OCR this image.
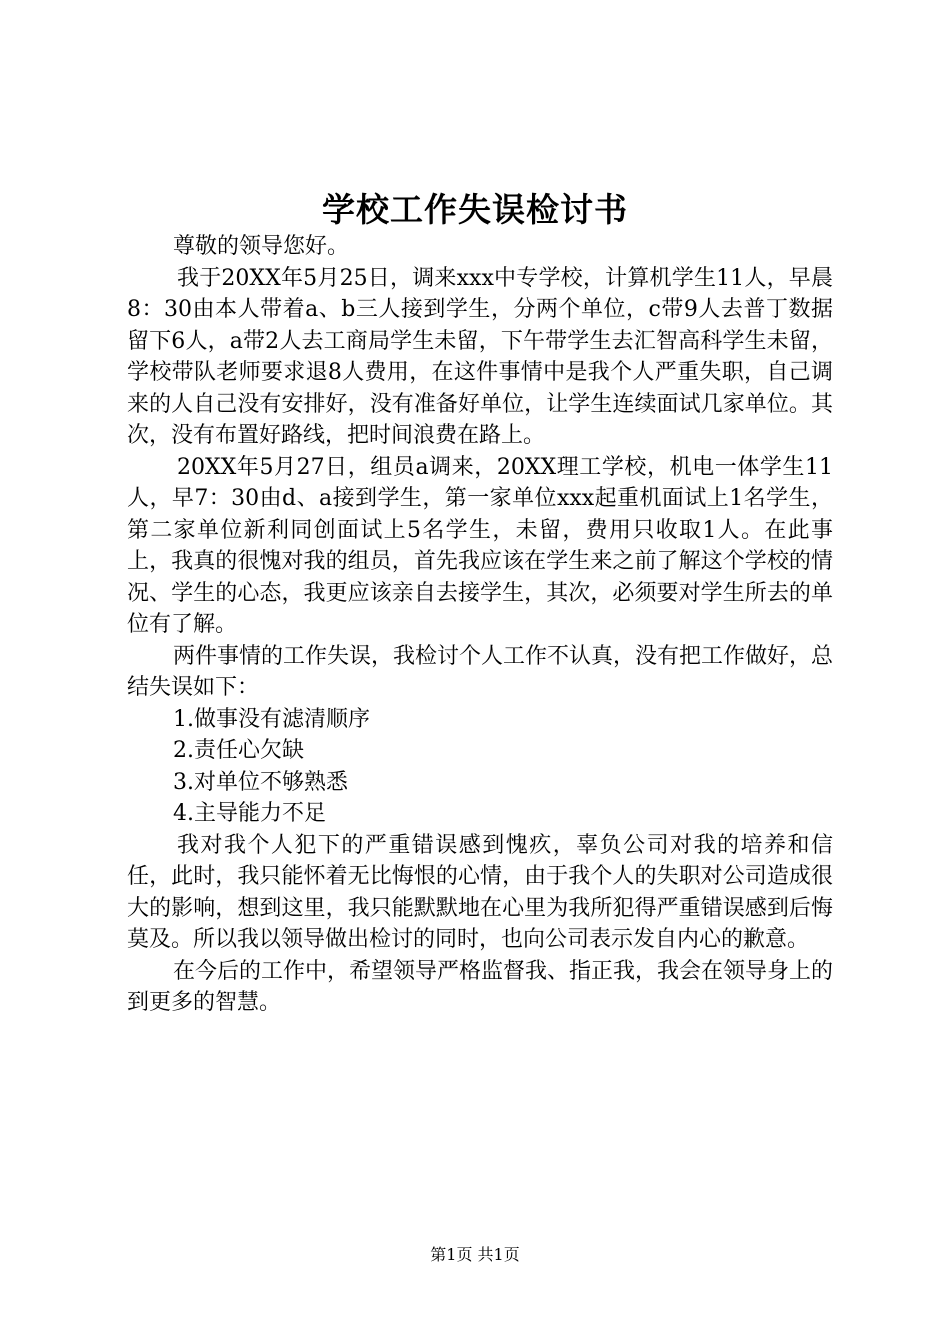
学校工作失误检讨书

尊敬的领导您好。

我于20XX年5月25日，调来xxx中专学校，计算机学生11人，早晨8：30由本人带着a、b三人接到学生，分两个单位，c带9人去普丁数据留下6人，a带2人去工商局学生未留，下午带学生去汇智高科学生未留，学校带队老师要求退8人费用，在这件事情中是我个人严重失职，自己调来的人自己没有安排好，没有准备好单位，让学生连续面试几家单位。其次，没有布置好路线，把时间浪费在路上。

20XX年5月27日，组员a调来，20XX理工学校，机电一体学生11人，早7：30由d、a接到学生，第一家单位xxx起重机面试上1名学生，第二家单位新利同创面试上5名学生，未留，费用只收取1人。在此事上，我真的很愧对我的组员，首先我应该在学生来之前了解这个学校的情况、学生的心态，我更应该亲自去接学生，其次，必须要对学生所去的单位有了解。

两件事情的工作失误，我检讨个人工作不认真，没有把工作做好，总结失误如下：

1.做事没有滤清顺序

2.责任心欠缺

3.对单位不够熟悉

4.主导能力不足

我对我个人犯下的严重错误感到愧疚，辜负公司对我的培养和信任，此时，我只能怀着无比悔恨的心情，由于我个人的失职对公司造成很大的影响，想到这里，我只能默默地在心里为我所犯得严重错误感到后悔莫及。所以我以领导做出检讨的同时，也向公司表示发自内心的歉意。

在今后的工作中，希望领导严格监督我、指正我，我会在领导身上的到更多的智慧。

第1页 共1页
